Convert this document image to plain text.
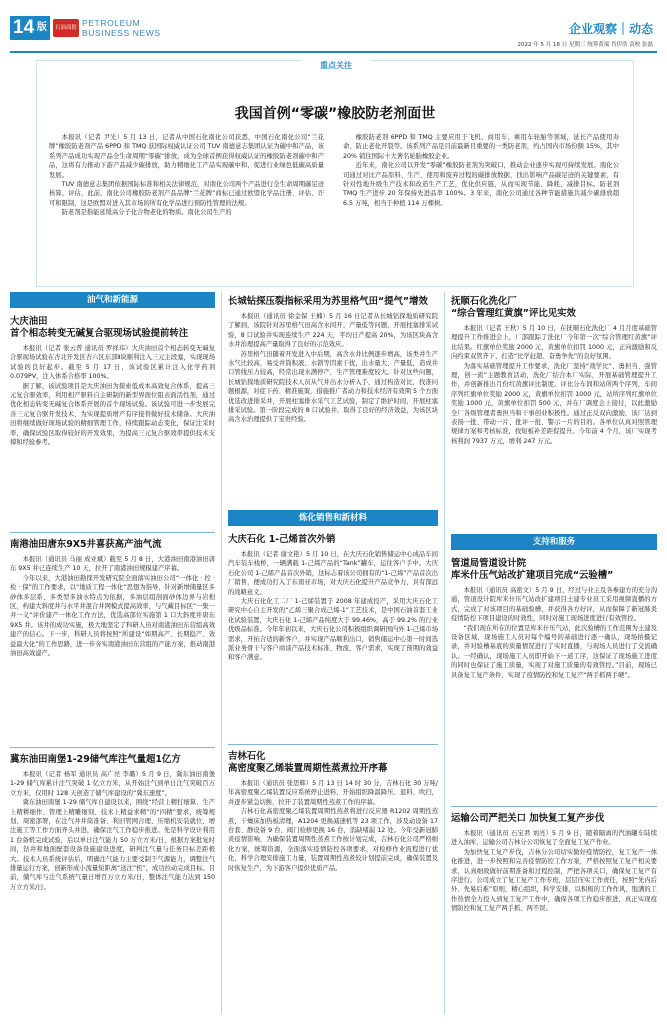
14 版	石油商报 PETROLEUM
BUSINESS NEWS	企业观察｜动态
2022 年 5 月 18 日 星期三 统筹黄端 肖伊浩 责校 张磊
重点关注
我国首例“零碳”橡胶防老剂面世

本报讯（记者 尹光）5 月 13 日，记者从中国石化南化公司获悉，中国石化南化公司“兰花牌”橡胶防老剂产品 6PPD 和 TMQ 获国际权威认证公司 TUV 南德意志集团认证为碳中和产品，该系列产品成功实现产品全生命周期“零碳”排放，成为全球首例获得权威认证的橡胶防老剂碳中和产品，这将有力推动下游产品减少碳排放，助力精细化工产品实现碳中和，促进行业绿色低碳高质量发展。

TUV 南德意志集团依据国际标准和相关法律规范，对南化公司两个产品进行全生命周期碳足迹核算、评估，此前，南化公司橡胶防老剂产品品牌“兰花牌”商标已通过欧盟化学品注册、评估、许可和限制，这是欧盟对进入其市场的所有化学品进行预防性管理的法规。

防老剂是指能延缓高分子化合物老化的物质。南化公司生产的

橡胶防老剂 6PPD 和 TMQ 主要应用于飞机、商用车、乘用车轮胎等领域，延长产品使用寿命、防止老化开裂等。该系列产品是目前最新且重要的一类防老剂，约占国内市场份额 15%，其中 20% 销往国际十大著名轮胎橡胶企业。

近年来，南化公司以开发“零碳”橡胶防老剂为突破口，推动企业逐步实现可持续发展。南化公司通过对比产品原料、生产、使用和废弃过程的碳排放数据，找出影响产品碳足迹的关键要素，有针对性地升级生产技术和改造生产工艺，优化供应链，从而实现节能、降耗、减排目标。防老剂 TMQ 生产进步 20 年保持先进品率 100%。3 年来，南化公司通过各种节能措施共减少碳排放超 6.5 万吨，相当于种植 114 万棵树。

油气和新能源
大庆油田
首个相态转变无碱复合驱现场试验提前转注

本报讯（记者 张云普 通讯员 罗祥玮）大庆油田首个相态转变无碱复合驱现场试验在杏北开发区杏六区东部Ⅱ块顺利注入三元主段塞，实现现场试验的良好起步。截至 5 月 17 日，该试验区累计注入化学药剂 0.079PV，注入体系合格率 100%。

据了解，该试验项目是大庆油田为探索低成本高效复合体系，提高三元复合驱效率，利用相产驱料自主研制的新型界面位阻表面活性剂，通过优化相态转变无碱复合体系开展的首个现场试验。该试验可进一步发展完善三元复合驱开发技术，为实现提质增产有序接替做好技术储备。大庆油田将继续做好现场试验的精细管理工作，持续跟踪动态变化，保证注采时率，确保试验区取得较好的开发效果，为提高三元复合驱效率提供技术支撑和经验参考。

南港油田唐东9X5井喜获高产油气流

本报讯（通讯员 马丽 成亚斌）截至 5 月 8 日，大港油田南港油田唐东 9X5 井已连续生产 10 天，拉开了南港油田规模建产序幕。

今年以来，大港油田勘探开发研究院全面落实油田公司“一体化 · 控 · 检 · 保”的工作要求，以“地质工程一体化”思想为指导，针对新增储量区多砂体多层系、多类型多油水特点为依据，多油层组剖面砂体边界与岩相区，构建大斜度井与水平井混合井网模式提高效率，与气藏目标区“一集一井一义”评价建产一体化工作方法，优选高部位实施第 1 口大斜度井唐东 9X5 井。该井的成功实施，极大地坚定了科研人员对南港油田东营组高效建产的信心。下一步，科研人员将按照“所建设”如期高产、长期稳产、效益最大化”的工作思路，进一步夯实南港油田东营组的产能方案，推动南港油田高效建产。

冀东油田南堡1-29储气库注气量超1亿方

本报讯（记者 杨军 通讯员 高广亮 李璐）5 月 9 日，冀东油田南堡 1-29 储气库累计注气突破 1 亿立方米，从开始注气到单日注气突破百万立方米，仅用时 128 天创造了储气库建设的“冀东速度”。

冀东油田南堡 1-29 储气库自建设以来，围绕“经营上精打细算、生产上精耕细作、管理上精雕细刻、技术上精益求精”的“四精”要求，统筹规划、周密部署，在注气井井筒准备、利旧管网合理、压缩机安装就位、增注施工等工作方面齐头并进，确保注气工作稳步推进。先是科学设计利用 1 台备机完成试验，后以单日注气能力 50 万立方米/日，根据方案批复时间，钻井和地面配套设备设施建设进度，研判注气量与任务目标差距极大。技术人员系统评估后，明确注气能力主要受制于气源能力，调整注气排量运行方案，创新形成小流量短距离“送注”机”，成功拉动完成目标。目前，储气库与注气系统气量日增百万立方米/日，整体注气能力达到 150 万立方米/日。

长城钻探压裂指标采用为苏里格气田“提气”增效

本报讯（通讯员 徐金保 王楠）5 月 16 日记者从长城钻探地质研究院了解到，该院针对苏里格气田高含水间开、产量低等问题，开展柱塞排采试验，8 口试验井实现连续生产 224 天，平均日产提高 20%，为该区块高含水井治理提高产量取得了良好的示范效应。

苏里格气田随着开发进入中后期，高含水井比例逐步增高，该类井生产水气比较高，易受井筒积液、水锁等因素干扰，出水量大、产量低，造成井口管线压力较高，经常出现水满停产，生产管理难度较大。针对这些问题，长城钻探地质研究院技术人员从气井出水分析入手，通过构造对比，找准问题根源，对症下药、精准施策，措施推广者动力和技术经济有效期 5 个方面优选改进排采井，开展柱塞排水采气工艺试验，制定了维护时间，开展柱塞排采试验。第一阶段完成的 8 口试验井，取得了良好的经济效益，为该区块高含水治理提供了宝贵经验。

炼化销售和新材料
大庆石化 1-己烯首次外销

本报讯（记者 谢文艳）5 月 10 日，在大庆石化销售储运中心成品车间汽车装车栈桥，一辆满载 1-己烯产品的“Tank”罐车，运往客户手中。大庆石化公司 1-己烯产品首次外销，这标志着该公司拥有的“1-己烯”产品首次出厂销售，便成功打入了东南亚市场，对大庆石化提升产品竞争力，具有深远的战略意义。

大庆石化化工二厂 1-己烯装置于 2008 年建成投产，采用大庆石化工研究中心自主开发的“乙烯三聚合成己烯-1”工艺技术，是中国石油首套工业化试验装置，大庆石化 1-己烯产品纯度大于 99.46%，高于 99.2% 的行业优级品标准。今年年初以来，大庆石化公司积极组织调研国内外 1-己烯市场需求，开拓合适的新客户，并实现产品顺利出口，销售储运中心第一时间选派业务骨干与客户商谈产品技术标准、物流、客户需求，实现了预期的效益和客户满意。

吉林石化
高密度聚乙烯装置周期性蒸煮拉开序幕

本报讯（通讯员 张思辉）5 月 13 日 14 时 30 分，吉林石化 30 万吨/年高密度聚乙烯装置反应系统停止进料，开始组织降温降压、退料、吹扫，并逐步紧急切换，拉开了装置周期性蒸煮工作的序幕。

吉林石化高密度聚乙烯装置周期性蒸煮将进行反应器 R1202 周期性蒸煮，干燥床加热板清理，A1204 更换减速机等 23 项工作，涉及动设备 17 台套、静设备 9 台、阀门检修更换 16 台，消缺堵漏 12 处。今年受新冠肺炎疫情影响，为确保装置周期性蒸煮工作按计划完成，吉林石化公司严格细化方案，统筹资源，全面落实疫情防控各项要求，对检修作业流程进行优化，科学合理安排施工力量，装置周期性蒸煮较计划提前完成，确保装置及时恢复生产，为下游客户提供优质产品。

抚顺石化洗化厂
“综合管理红黄旗”评比见实效

本报讯（记者 王秋）5 月 10 日，在抚顺石化洗化厂 4 月月度基础管理提升工作推进会上，厂部跟踪了洗化厂今年第一次“综合管理红黄旗”评比结果。红旗单位奖励 2000 元，黄旗单位扣罚 1000 元，正向激励和反向约束双管齐下，打造“比学赶超、奋勇争先”的良好氛围。

为落实基础管理提升工作要求，洗化厂坚持“战学比”、勇担当、强管理，创一流”主题教育活动，洗化厂结合本厂实际，开展基础管理提升工作，并创新推出月份红黄旗评比制度。评比分车间和站所两个序列，车间序列红旗单位奖励 2000 元，黄旗单位扣罚 1000 元，站所序列红旗单位奖励 1000 元，黄旗单位扣罚 500 元，并在厂调度会上接付，以此激励全厂各级管理者勇担当和干事创业积极性。通过正反双向激励，该厂达到表扬一批、带动一片、批评一批、警示一片的目的。各单位认真对照管理规律方案和考核标准，找短板补差距促提升。今年前 4 个月，该厂实现考核利润 7937 万元，增利 247 万元。

支持和服务
管道局管道设计院
库米什压气站改扩建项目完成“云验槽”

本报讯（通讯员 高密文）5 月 9 日，经过与业主及各参建方的充分沟通，管道设计院库米什压气站改扩建项目土建专业员工采用视频直播的方式，完成了对该项目的基础验槽，并获得各方好评，从而保障了新冠肺炎疫情防控下项目建设的时效性，同时对施工现场进度进行有效管控。

“我们现在所在的位置是库米什压气站，此次验槽的工作范围为土建及设备区域，现场施工人员对每个编号的基础进行逐一确认，现场拍摄记录，并对验槽基底的质量情况进行了实时直播，与现场人员进行了交流确认。一经确认，现场施工人员即开始下一道工序，这保证了现场施工进度的同时也保证了施工质量，实现了对施工质量的有效管控。”目前，现场已具备复工复产条件，实现了疫情防控和复工复产“两手抓两手硬”。

运输公司严把关口 加快复工复产步伐

本报讯（通讯员 石宝君 刘亮）5 月 9 日，随着隔离的汽油罐车陆续进入油库，运输公司吉林分公司恢复了全面复工复产作业。

为加快复工复产步伐，吉林分公司切实做好疫情防控，复工复产一体化推进，进一步按照和完善疫情防控工作方案，严格按照复工复产相关要求，认真细致做好前期准备和过程控制，严把各项关口，确保复工复产有序进行。公司成立了复工复产工作专班，层层压实工作责任，按照“先内后外、先易后难”原则，精心组织，科学安排，以积极的工作作风、饱满的工作热情全力投入到复工复产工作中，确保各项工作稳步推进，真正实现疫情防控和复工复产两手抓、两不误。
